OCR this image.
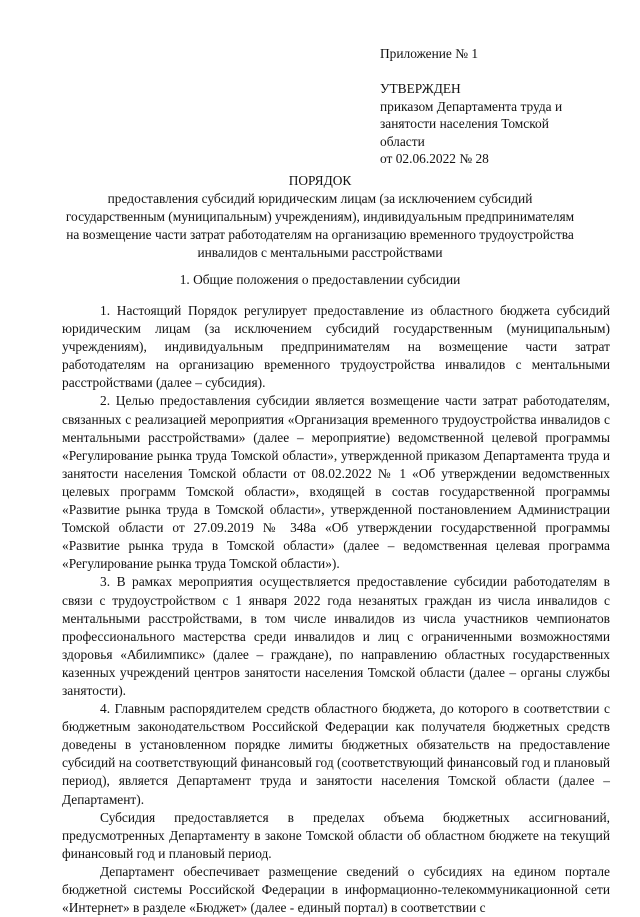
Приложение № 1
УТВЕРЖДЕН
приказом Департамента труда и
занятости населения Томской
области
от 02.06.2022 № 28
ПОРЯДОК
предоставления субсидий юридическим лицам (за исключением субсидий
государственным (муниципальным) учреждениям), индивидуальным предпринимателям
на возмещение части затрат работодателям на организацию временного трудоустройства
инвалидов с ментальными расстройствами
1. Общие положения о предоставлении субсидии

1. Настоящий Порядок регулирует предоставление из областного бюджета субсидий юридическим лицам (за исключением субсидий государственным (муниципальным) учреждениям), индивидуальным предпринимателям на возмещение части затрат работодателям на организацию временного трудоустройства инвалидов с ментальными расстройствами (далее – субсидия).

2. Целью предоставления субсидии является возмещение части затрат работодателям, связанных с реализацией мероприятия «Организация временного трудоустройства инвалидов с ментальными расстройствами» (далее – мероприятие) ведомственной целевой программы «Регулирование рынка труда Томской области», утвержденной приказом Департамента труда и занятости населения Томской области от 08.02.2022 № 1 «Об утверждении ведомственных целевых программ Томской области», входящей в состав государственной программы «Развитие рынка труда в Томской области», утвержденной постановлением Администрации Томской области от 27.09.2019 № 348а «Об утверждении государственной программы «Развитие рынка труда в Томской области» (далее – ведомственная целевая программа «Регулирование рынка труда Томской области»).

3. В рамках мероприятия осуществляется предоставление субсидии работодателям в связи с трудоустройством с 1 января 2022 года незанятых граждан из числа инвалидов с ментальными расстройствами, в том числе инвалидов из числа участников чемпионатов профессионального мастерства среди инвалидов и лиц с ограниченными возможностями здоровья «Абилимпикс» (далее – граждане), по направлению областных государственных казенных учреждений центров занятости населения Томской области (далее – органы службы занятости).

4. Главным распорядителем средств областного бюджета, до которого в соответствии с бюджетным законодательством Российской Федерации как получателя бюджетных средств доведены в установленном порядке лимиты бюджетных обязательств на предоставление субсидий на соответствующий финансовый год (соответствующий финансовый год и плановый период), является Департамент труда и занятости населения Томской области (далее – Департамент).

Субсидия предоставляется в пределах объема бюджетных ассигнований, предусмотренных Департаменту в законе Томской области об областном бюджете на текущий финансовый год и плановый период.

Департамент обеспечивает размещение сведений о субсидиях на едином портале бюджетной системы Российской Федерации в информационно-телекоммуникационной сети «Интернет» в разделе «Бюджет» (далее - единый портал) в соответствии с
